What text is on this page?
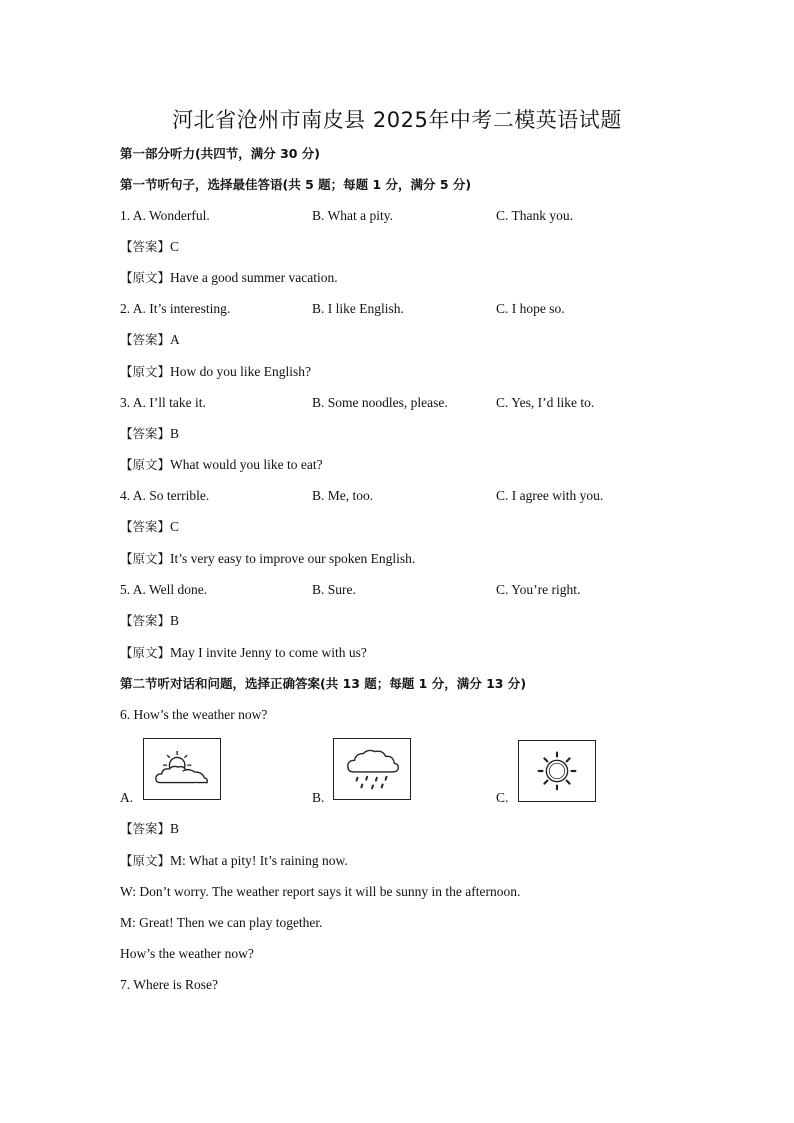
河北省沧州市南皮县 2025年中考二模英语试题
第一部分听力(共四节，满分 30 分)
第一节听句子，选择最佳答语(共 5 题；每题 1 分，满分 5 分)
1. A. Wonderful.	B. What a pity.	C. Thank you.
【答案】C
【原文】Have a good summer vacation.
2. A. It’s interesting.	B. I like English.	C. I hope so.
【答案】A
【原文】How do you like English?
3. A. I’ll take it.	B. Some noodles, please.	C. Yes, I’d like to.
【答案】B
【原文】What would you like to eat?
4. A. So terrible.	B. Me, too.	C. I agree with you.
【答案】C
【原文】It’s very easy to improve our spoken English.
5. A. Well done.	B. Sure.	C. You’re right.
【答案】B
【原文】May I invite Jenny to come with us?
第二节听对话和问题，选择正确答案(共 13 题；每题 1 分，满分 13 分)
6. How’s the weather now?
A.	B.	C.
【答案】B
【原文】M: What a pity! It’s raining now.
W: Don’t worry. The weather report says it will be sunny in the afternoon.
M: Great! Then we can play together.
How’s the weather now?
7. Where is Rose?
